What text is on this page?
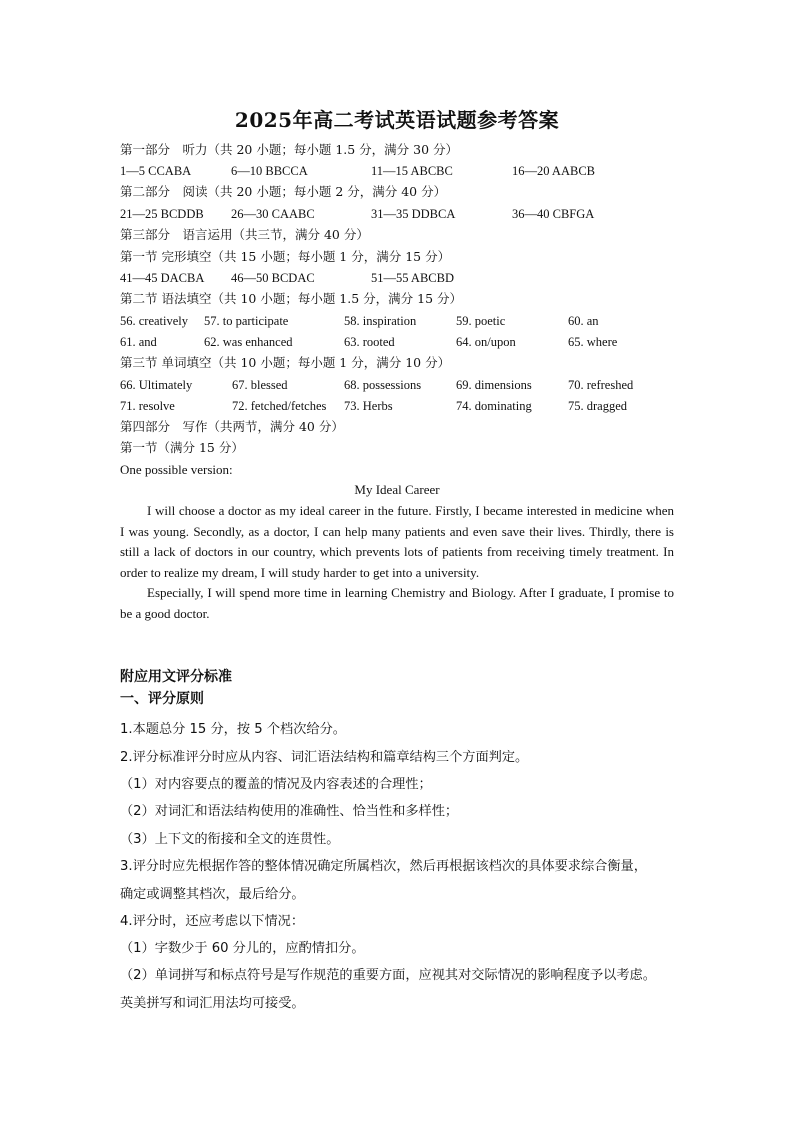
2025年高二考试英语试题参考答案
第一部分　听力（共 20 小题；每小题 1.5 分，满分 30 分）
1—5 CCABA	6—10 BBCCA	11—15 ABCBC	16—20 AABCB
第二部分　阅读（共 20 小题；每小题 2 分，满分 40 分）
21—25 BCDDB 26—30 CAABC	31—35 DDBCA	36—40 CBFGA
第三部分　语言运用（共三节，满分 40 分）
第一节 完形填空（共 15 小题；每小题 1 分，满分 15 分）
41—45 DACBA 46—50 BCDAC	51—55 ABCBD
第二节 语法填空（共 10 小题；每小题 1.5 分，满分 15 分）
56. creatively 57. to participate	58. inspiration	59. poetic	60. an
61. and	62. was enhanced	63. rooted	64. on/upon	65. where
第三节 单词填空（共 10 小题；每小题 1 分，满分 10 分）
66. Ultimately	67. blessed	68. possessions	69. dimensions	70. refreshed
71. resolve	72. fetched/fetches 73. Herbs	74. dominating	75. dragged
第四部分　写作（共两节，满分 40 分）
第一节（满分 15 分）
One possible version:
My Ideal Career

I will choose a doctor as my ideal career in the future. Firstly, I became interested in medicine when I was young. Secondly, as a doctor, I can help many patients and even save their lives. Thirdly, there is still a lack of doctors in our country, which prevents lots of patients from receiving timely treatment. In order to realize my dream, I will study harder to get into a university.

Especially, I will spend more time in learning Chemistry and Biology. After I graduate, I promise to be a good doctor.

附应用文评分标准
一、评分原则
1.本题总分 15 分，按 5 个档次给分。
2.评分标准评分时应从内容、词汇语法结构和篇章结构三个方面判定。
（1）对内容要点的覆盖的情况及内容表述的合理性；
（2）对词汇和语法结构使用的准确性、恰当性和多样性；
（3）上下文的衔接和全文的连贯性。
3.评分时应先根据作答的整体情况确定所属档次，然后再根据该档次的具体要求综合衡量，
确定或调整其档次，最后给分。
4.评分时，还应考虑以下情况：
（1）字数少于 60 分儿的，应酌情扣分。
（2）单词拼写和标点符号是写作规范的重要方面，应视其对交际情况的影响程度予以考虑。
英美拼写和词汇用法均可接受。
